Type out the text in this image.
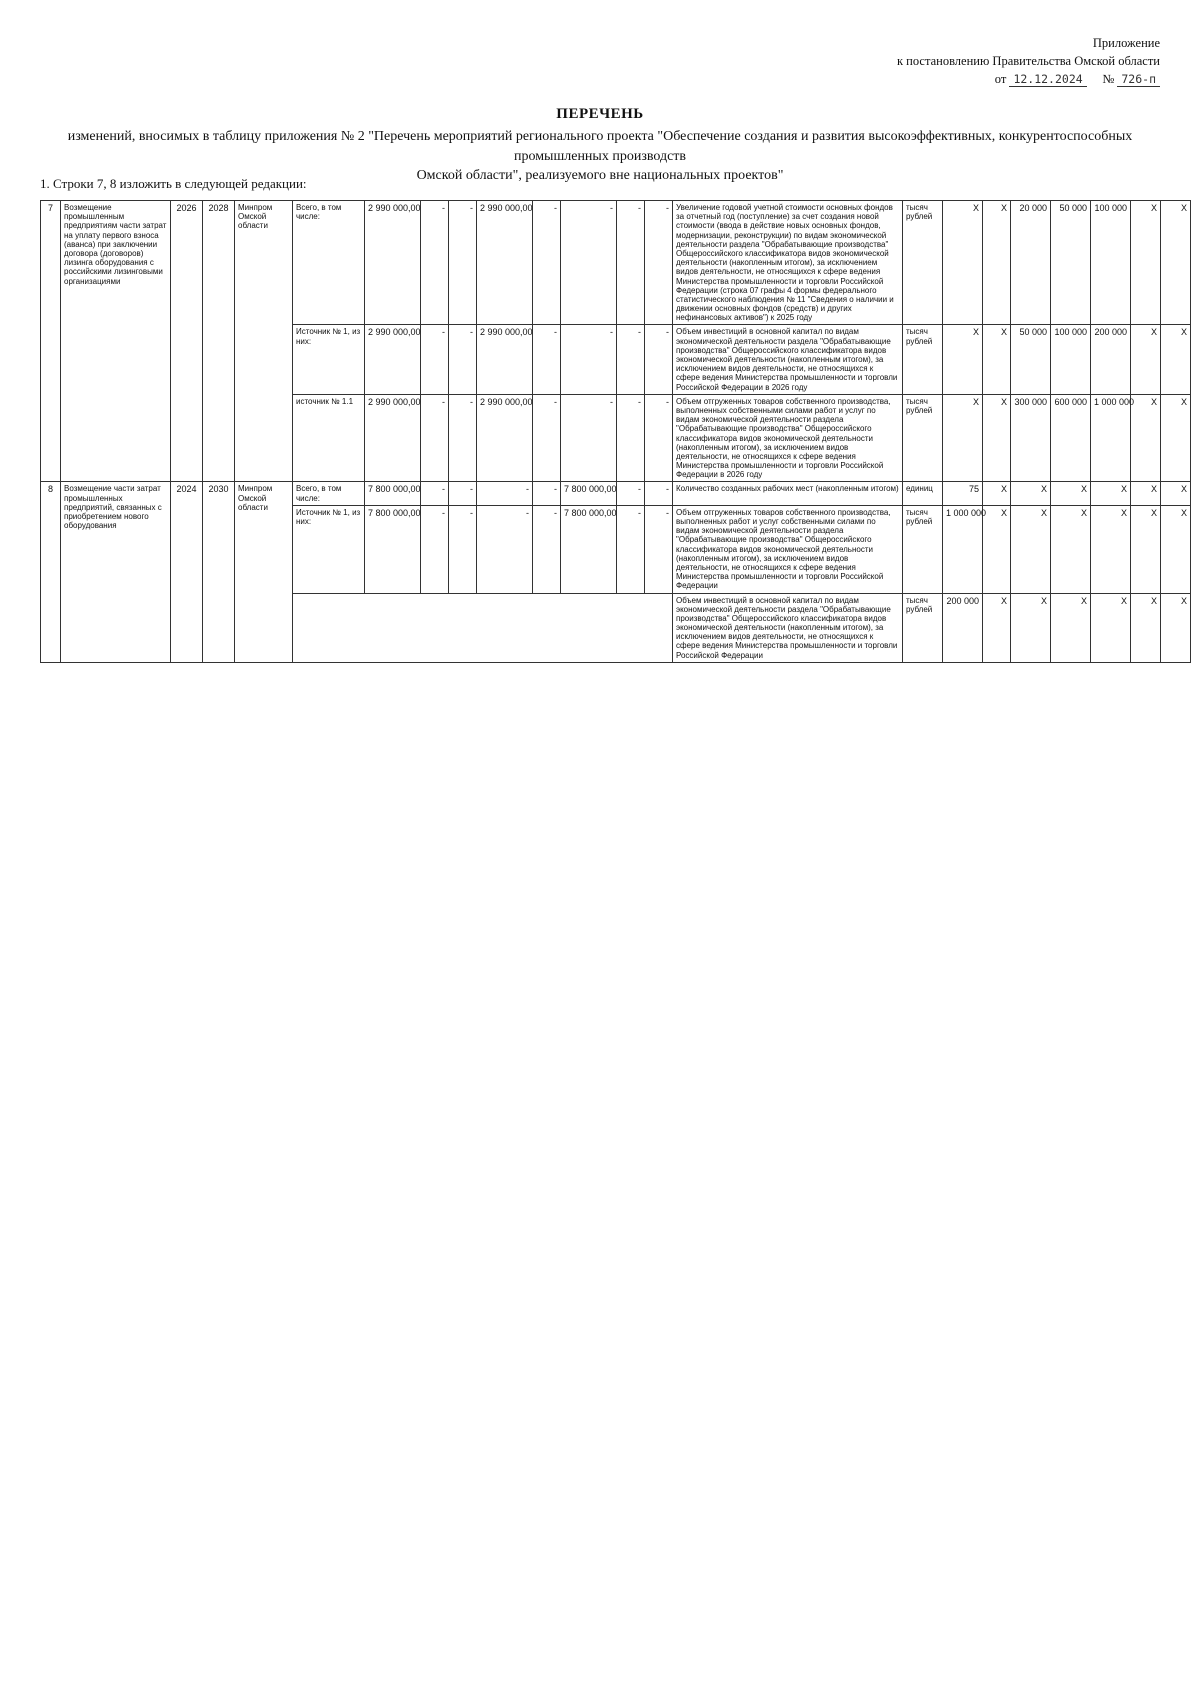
Приложение
к постановлению Правительства Омской области
от 12.12.2024 № 726-п
ПЕРЕЧЕНЬ
изменений, вносимых в таблицу приложения № 2 "Перечень мероприятий регионального проекта "Обеспечение создания и развития высокоэффективных, конкурентоспособных промышленных производств
Омской области", реализуемого вне национальных проектов"
1. Строки 7, 8 изложить в следующей редакции:
7	Возмещение промышленным предприятиям части затрат на уплату первого взноса (аванса) при заключении договора (договоров) лизинга оборудования с российскими лизинговыми организациями	2026	2028	Минпром Омской области	Всего, в том числе:	2 990 000,00	-	-	2 990 000,00	-	-	-	-	Увеличение годовой учетной стоимости основных фондов за отчетный год (поступление) за счет создания новой стоимости (ввода в действие новых основных фондов, модернизации, реконструкции) по видам экономической деятельности раздела "Обрабатывающие производства" Общероссийского классификатора видов экономической деятельности (накопленным итогом), за исключением видов деятельности, не относящихся к сфере ведения Министерства промышленности и торговли Российской Федерации (строка 07 графы 4 формы федерального статистического наблюдения № 11 "Сведения о наличии и движении основных фондов (средств) и других нефинансовых активов") к 2025 году	тысяч рублей	Х	Х	20 000	50 000	100 000	Х	Х
					Источник № 1, из них:	2 990 000,00	-	-	2 990 000,00	-	-	-	-	Объем инвестиций в основной капитал по видам экономической деятельности раздела "Обрабатывающие производства" Общероссийского классификатора видов экономической деятельности (накопленным итогом), за исключением видов деятельности, не относящихся к сфере ведения Министерства промышленности и торговли Российской Федерации в 2026 году	тысяч рублей	Х	Х	50 000	100 000	200 000	Х	Х
					источник № 1.1	2 990 000,00	-	-	2 990 000,00	-	-	-	-	Объем отгруженных товаров собственного производства, выполненных собственными силами работ и услуг по видам экономической деятельности раздела "Обрабатывающие производства" Общероссийского классификатора видов экономической деятельности (накопленным итогом), за исключением видов деятельности, не относящихся к сфере ведения Министерства промышленности и торговли Российской Федерации в 2026 году	тысяч рублей	Х	Х	300 000	600 000	1 000 000	Х	Х
8	Возмещение части затрат промышленных предприятий, связанных с приобретением нового оборудования	2024	2030	Минпром Омской области	Всего, в том числе:	7 800 000,00	-	-	-	-	7 800 000,00	-	-	Количество созданных рабочих мест (накопленным итогом)	единиц	75	Х	Х	Х	Х	Х	Х
					Источник № 1, из них:	7 800 000,00	-	-	-	-	7 800 000,00	-	-	Объем отгруженных товаров собственного производства, выполненных работ и услуг собственными силами по видам экономической деятельности раздела "Обрабатывающие производства" Общероссийского классификатора видов экономической деятельности (накопленным итогом), за исключением видов деятельности, не относящихся к сфере ведения Министерства промышленности и торговли Российской Федерации	тысяч рублей	1 000 000	Х	Х	Х	Х	Х	Х
														Объем инвестиций в основной капитал по видам экономической деятельности раздела "Обрабатывающие производства" Общероссийского классификатора видов экономической деятельности (накопленным итогом), за исключением видов деятельности, не относящихся к сфере ведения Министерства промышленности и торговли Российской Федерации	тысяч рублей	200 000	Х	Х	Х	Х	Х	Х
